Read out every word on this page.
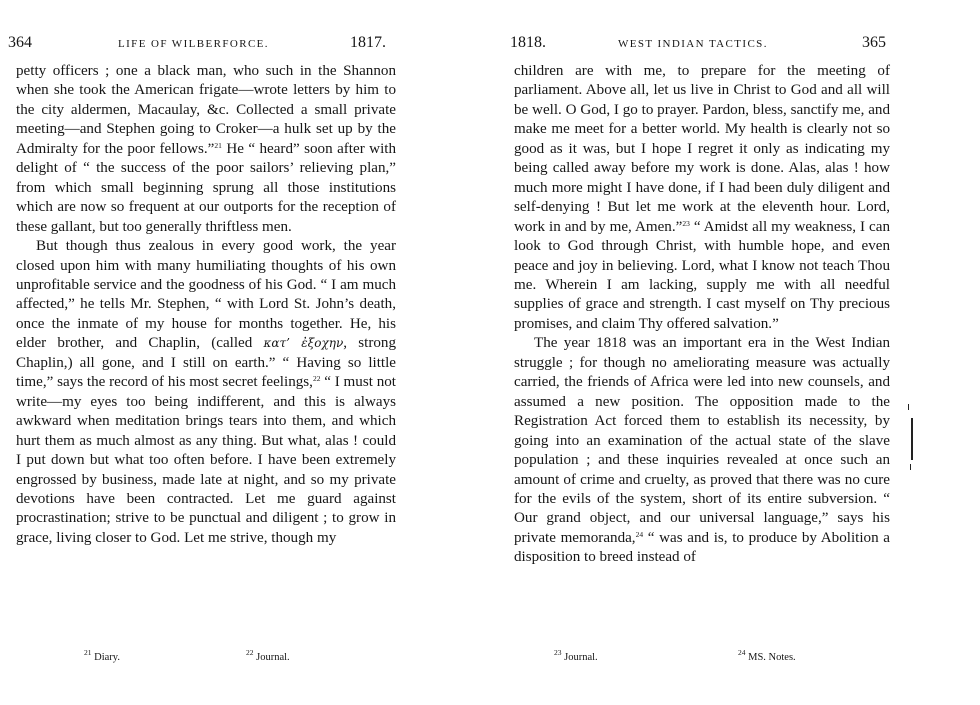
364	LIFE OF WILBERFORCE.	1817.

petty officers ; one a black man, who such in the Shannon when she took the American frigate—wrote letters by him to the city aldermen, Macaulay, &c. Collected a small private meeting—and Stephen going to Croker—a hulk set up by the Admiralty for the poor fellows.”$^{21}$ He “ heard” soon after with delight of “ the success of the poor sailors’ relieving plan,” from which small beginning sprung all those institutions which are now so frequent at our outports for the reception of these gallant, but too generally thriftless men.

But though thus zealous in every good work, the year closed upon him with many humiliating thoughts of his own unprofitable service and the goodness of his God. “ I am much affected,” he tells Mr. Stephen, “ with Lord St. John’s death, once the inmate of my house for months together. He, his elder brother, and Chaplin, (called κατ’ ἐξοχην, strong Chaplin,) all gone, and I still on earth.” “ Having so little time,” says the record of his most secret feelings,$^{22}$ “ I must not write—my eyes too being indifferent, and this is always awkward when meditation brings tears into them, and which hurt them as much almost as any thing. But what, alas ! could I put down but what too often before. I have been extremely engrossed by business, made late at night, and so my private devotions have been contracted. Let me guard against procrastination; strive to be punctual and diligent ; to grow in grace, living closer to God. Let me strive, though my

$^{21}$ Diary.	$^{22}$ Journal.
1818.	WEST INDIAN TACTICS.	365

children are with me, to prepare for the meeting of parliament. Above all, let us live in Christ to God and all will be well. O God, I go to prayer. Pardon, bless, sanctify me, and make me meet for a better world. My health is clearly not so good as it was, but I hope I regret it only as indicating my being called away before my work is done. Alas, alas ! how much more might I have done, if I had been duly diligent and self-denying ! But let me work at the eleventh hour. Lord, work in and by me, Amen.”$^{23}$ “ Amidst all my weakness, I can look to God through Christ, with humble hope, and even peace and joy in believing. Lord, what I know not teach Thou me. Wherein I am lacking, supply me with all needful supplies of grace and strength. I cast myself on Thy precious promises, and claim Thy offered salvation.”

The year 1818 was an important era in the West Indian struggle ; for though no ameliorating measure was actually carried, the friends of Africa were led into new counsels, and assumed a new position. The opposition made to the Registration Act forced them to establish its necessity, by going into an examination of the actual state of the slave population ; and these inquiries revealed at once such an amount of crime and cruelty, as proved that there was no cure for the evils of the system, short of its entire subversion. “ Our grand object, and our universal language,” says his private memoranda,$^{24}$ “ was and is, to produce by Abolition a disposition to breed instead of

$^{23}$ Journal.	$^{24}$ MS. Notes.
